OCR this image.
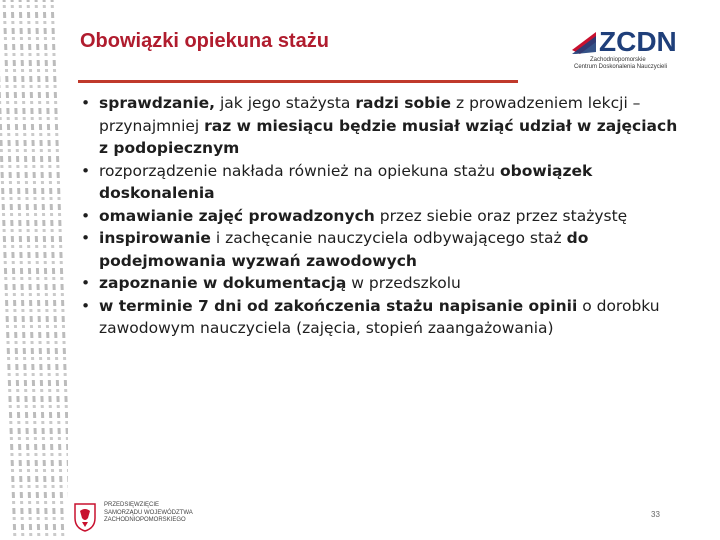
Obowiązki opiekuna stażu	ZCDN
Zachodniopomorskie
Centrum Doskonalenia Nauczycieli
• sprawdzanie, jak jego stażysta radzi sobie z prowadzeniem lekcji – przynajmniej raz w miesiącu będzie musiał wziąć udział w zajęciach z podopiecznym
• rozporządzenie nakłada również na opiekuna stażu obowiązek doskonalenia
• omawianie zajęć prowadzonych przez siebie oraz przez stażystę
• inspirowanie i zachęcanie nauczyciela odbywającego staż do podejmowania wyzwań zawodowych
• zapoznanie w dokumentacją w przedszkolu
• w terminie 7 dni od zakończenia stażu napisanie opinii o dorobku zawodowym nauczyciela (zajęcia, stopień zaangażowania)
PRZEDSIĘWZIĘCIE
SAMORZĄDU WOJEWÓDZTWA
ZACHODNIOPOMORSKIEGO
33
